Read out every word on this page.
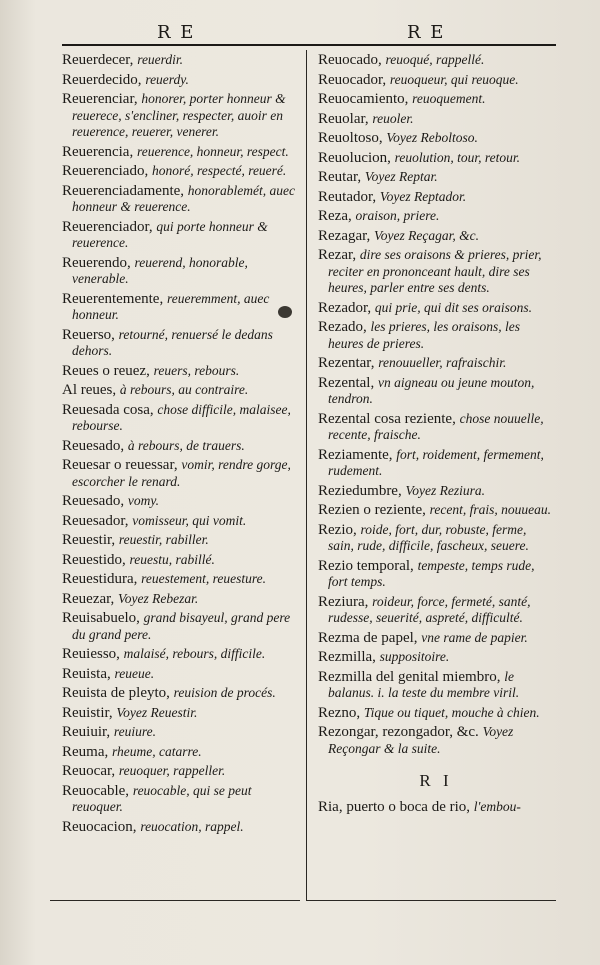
R E	R E
Reuerdecer, reuerdir.
Reuerdecido, reuerdy.
Reuerenciar, honorer, porter honneur & reuerece, s'encliner, respecter, auoir en reuerence, reuerer, venerer.
Reuerencia, reuerence, honneur, respect.
Reuerenciado, honoré, respecté, reueré.
Reuerenciadamente, honorablemét, auec honneur & reuerence.
Reuerenciador, qui porte honneur & reuerence.
Reuerendo, reuerend, honorable, venerable.
Reuerentemente, reueremment, auec honneur.
Reuerso, retourné, renuersé le dedans dehors.
Reues o reuez, reuers, rebours.
Al reues, à rebours, au contraire.
Reuesada cosa, chose difficile, malaisee, rebourse.
Reuesado, à rebours, de trauers.
Reuesar o reuessar, vomir, rendre gorge, escorcher le renard.
Reuesado, vomy.
Reuesador, vomisseur, qui vomit.
Reuestir, reuestir, rabiller.
Reuestido, reuestu, rabillé.
Reuestidura, reuestement, reuesture.
Reuezar, Voyez Rebezar.
Reuisabuelo, grand bisayeul, grand pere du grand pere.
Reuiesso, malaisé, rebours, difficile.
Reuista, reueue.
Reuista de pleyto, reuision de procés.
Reuistir, Voyez Reuestir.
Reuiuir, reuiure.
Reuma, rheume, catarre.
Reuocar, reuoquer, rappeller.
Reuocable, reuocable, qui se peut reuoquer.
Reuocacion, reuocation, rappel.
Reuocado, reuoqué, rappellé.
Reuocador, reuoqueur, qui reuoque.
Reuocamiento, reuoquement.
Reuolar, reuoler.
Reuoltoso, Voyez Reboltoso.
Reuolucion, reuolution, tour, retour.
Reutar, Voyez Reptar.
Reutador, Voyez Reptador.
Reza, oraison, priere.
Rezagar, Voyez Reçagar, &c.
Rezar, dire ses oraisons & prieres, prier, reciter en prononceant hault, dire ses heures, parler entre ses dents.
Rezador, qui prie, qui dit ses oraisons.
Rezado, les prieres, les oraisons, les heures de prieres.
Rezentar, renouueller, rafraischir.
Rezental, vn aigneau ou jeune mouton, tendron.
Rezental cosa reziente, chose nouuelle, recente, fraische.
Reziamente, fort, roidement, fermement, rudement.
Reziedumbre, Voyez Reziura.
Rezien o reziente, recent, frais, nouueau.
Rezio, roide, fort, dur, robuste, ferme, sain, rude, difficile, fascheux, seuere.
Rezio temporal, tempeste, temps rude, fort temps.
Reziura, roideur, force, fermeté, santé, rudesse, seuerité, aspreté, difficulté.
Rezma de papel, vne rame de papier.
Rezmilla, suppositoire.
Rezmilla del genital miembro, le balanus. i. la teste du membre viril.
Rezno, Tique ou tiquet, mouche à chien.
Rezongar, rezongador, &c. Voyez Reçongar & la suite.
R I
Ria, puerto o boca de rio, l'embou-
